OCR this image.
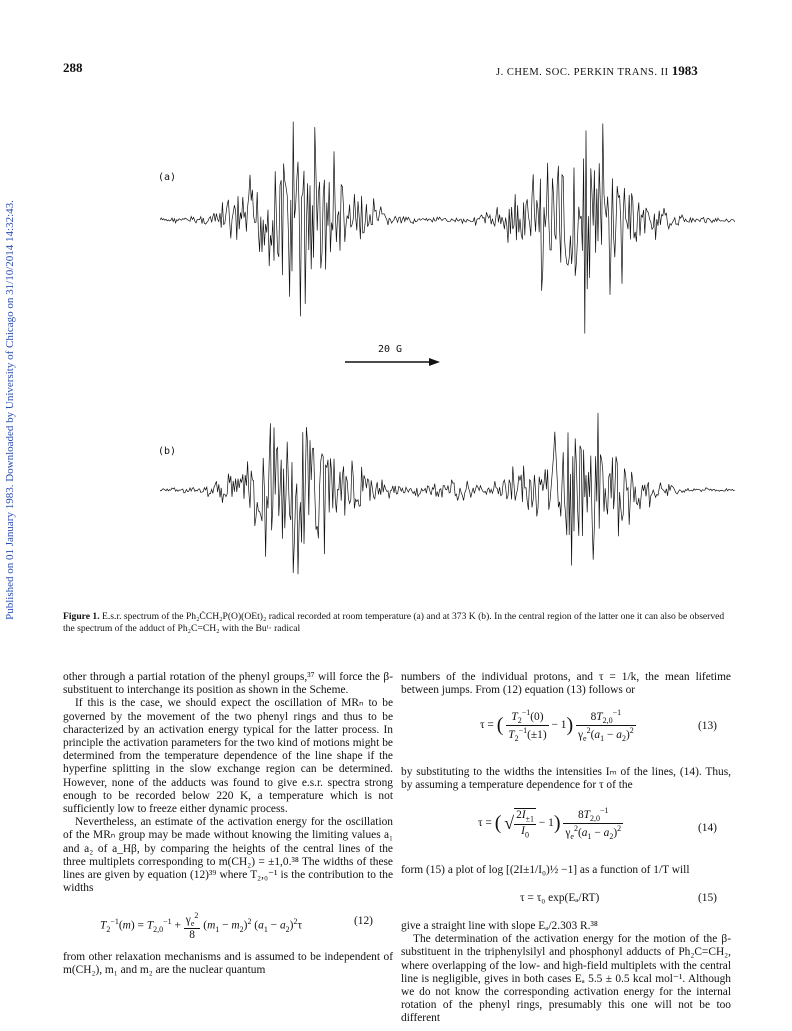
288	J. CHEM. SOC. PERKIN TRANS. II 1983
Published on 01 January 1983. Downloaded by University of Chicago on 31/10/2014 14:32:43.
(a)
20 G
(b)
Figure 1. E.s.r. spectrum of the Ph₂ĊCH₂P(O)(OEt)₂ radical recorded at room temperature (a) and at 373 K (b). In the central region of the latter one it can also be observed the spectrum of the adduct of Ph₂C=CH₂ with the Buᵗ· radical

other through a partial rotation of the phenyl groups,³⁷ will force the β-substituent to interchange its position as shown in the Scheme.

If this is the case, we should expect the oscillation of MRₙ to be governed by the movement of the two phenyl rings and thus to be characterized by an activation energy typical for the latter process. In principle the activation parameters for the two kind of motions might be determined from the temperature dependence of the line shape if the hyperfine splitting in the slow exchange region can be determined. However, none of the adducts was found to give e.s.r. spectra strong enough to be recorded below 220 K, a temperature which is not sufficiently low to freeze either dynamic process.

Nevertheless, an estimate of the activation energy for the oscillation of the MRₙ group may be made without knowing the limiting values a₁ and a₂ of a_Hβ, by comparing the heights of the central lines of the three multiplets corresponding to m(CH₂) = ±1,0.³⁸ The widths of these lines are given by equation (12)³⁹ where T₂,₀⁻¹ is the contribution to the widths

$T_2^{-1}(m) = T_{2,0}^{-1} + \frac{\gamma_e^2}{8} (m_1 - m_2)^2$ $(a_1 - a_2)^2\tau$	(12)

from other relaxation mechanisms and is assumed to be independent of m(CH₂), m₁ and m₂ are the nuclear quantum

numbers of the individual protons, and τ = 1/k, the mean lifetime between jumps. From (12) equation (13) follows or

τ = ( $\frac{T_2^{-1}(0)}{T_2^{-1}(\pm 1)} - 1) \frac{8T_{2,0}^{-1}}{\gamma_e^2(a_1 - a_2)^2}$	(13)

by substituting to the widths the intensities Iₘ of the lines, (14). Thus, by assuming a temperature dependence for τ of the

τ = ( √ $\frac{2I_{\pm 1}}{I_0} - 1) \frac{8T_{2,0}^{-1}}{\gamma_e^2(a_1 - a_2)^2}$	(14)

form (15) a plot of log [(2I±1/I₀)½ −1] as a function of 1/T will

τ = τ₀ exp(Eₐ/RT)	(15)

give a straight line with slope Eₐ/2.303 R.³⁸

The determination of the activation energy for the motion of the β-substituent in the triphenylsilyl and phosphonyl adducts of Ph₂C=CH₂, where overlapping of the low- and high-field multiplets with the central line is negligible, gives in both cases Eₐ 5.5 ± 0.5 kcal mol⁻¹. Although we do not know the corresponding activation energy for the internal rotation of the phenyl rings, presumably this one will not be too different
